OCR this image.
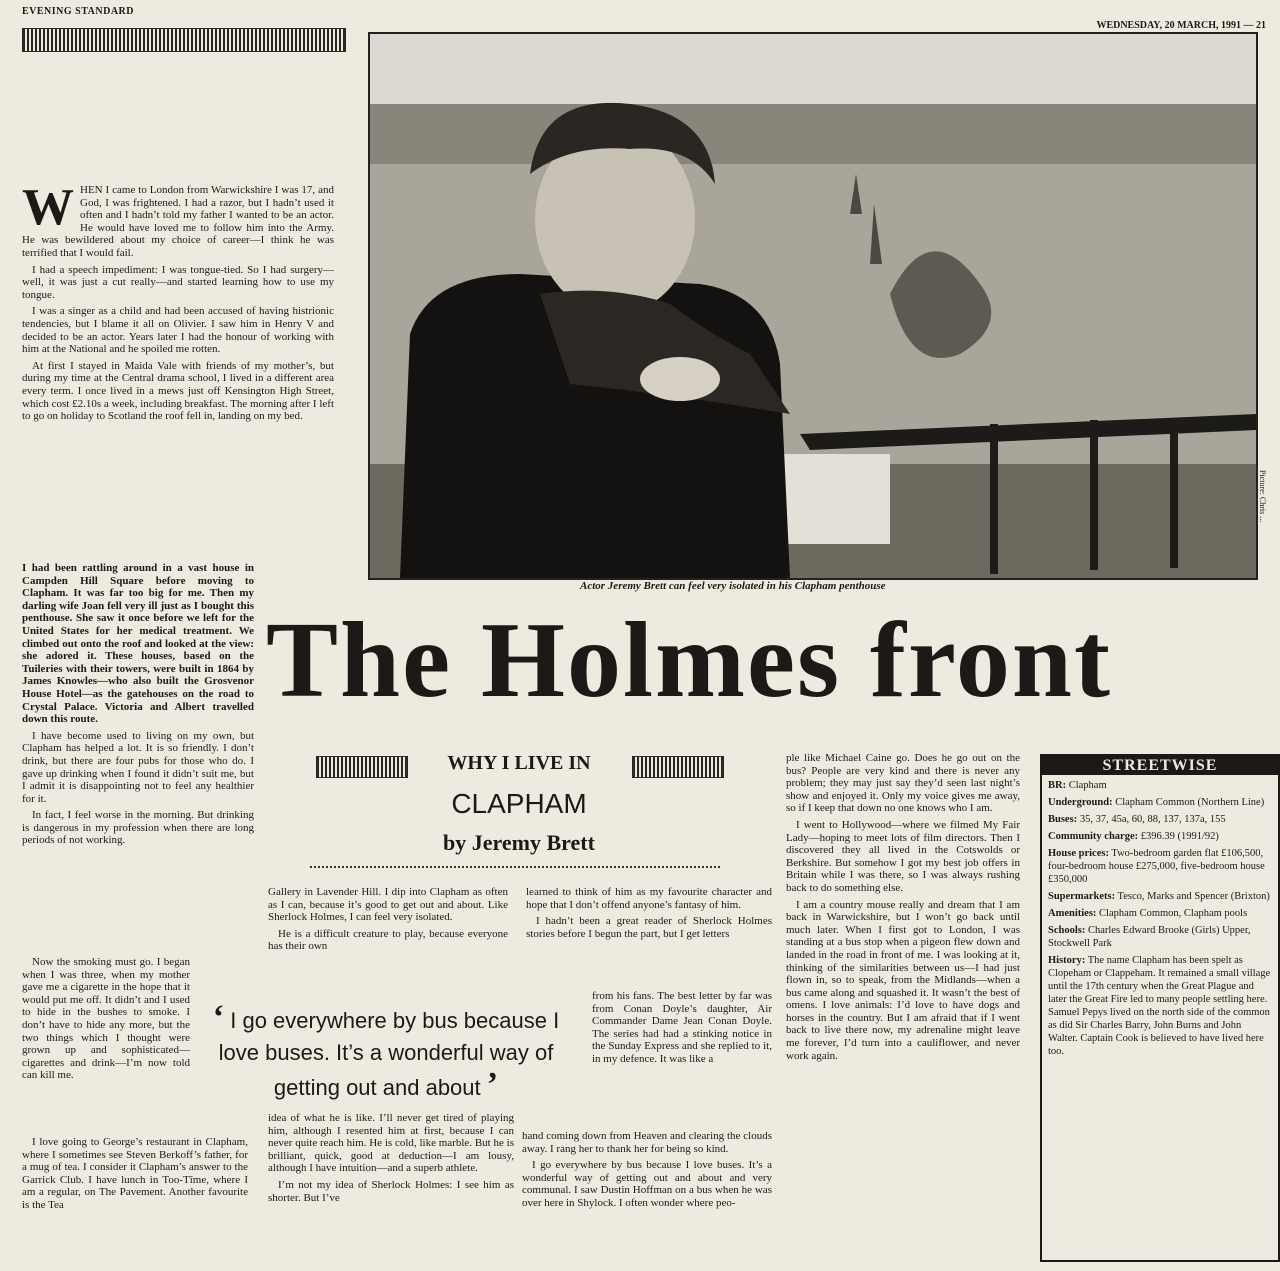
EVENING STANDARD
WEDNESDAY, 20 MARCH, 1991 — 21
Picture: Chris ...
Actor Jeremy Brett can feel very isolated in his Clapham penthouse

WHEN I came to London from Warwickshire I was 17, and God, I was frightened. I had a razor, but I hadn’t used it often and I hadn’t told my father I wanted to be an actor. He would have loved me to follow him into the Army. He was bewildered about my choice of career—I think he was terrified that I would fail.

I had a speech impediment: I was tongue-tied. So I had surgery—well, it was just a cut really—and started learning how to use my tongue.

I was a singer as a child and had been accused of having histrionic tendencies, but I blame it all on Olivier. I saw him in Henry V and decided to be an actor. Years later I had the honour of working with him at the National and he spoiled me rotten.

At first I stayed in Maida Vale with friends of my mother’s, but during my time at the Central drama school, I lived in a different area every term. I once lived in a mews just off Kensington High Street, which cost £2.10s a week, including breakfast. The morning after I left to go on holiday to Scotland the roof fell in, landing on my bed.

I had been rattling around in a vast house in Campden Hill Square before moving to Clapham. It was far too big for me. Then my darling wife Joan fell very ill just as I bought this penthouse. She saw it once before we left for the United States for her medical treatment. We climbed out onto the roof and looked at the view: she adored it. These houses, based on the Tuileries with their towers, were built in 1864 by James Knowles—who also built the Grosvenor House Hotel—as the gatehouses on the road to Crystal Palace. Victoria and Albert travelled down this route.

I have become used to living on my own, but Clapham has helped a lot. It is so friendly. I don’t drink, but there are four pubs for those who do. I gave up drinking when I found it didn’t suit me, but I admit it is disappointing not to feel any healthier for it.

In fact, I feel worse in the morning. But drinking is dangerous in my profession when there are long periods of not working.

Now the smoking must go. I began when I was three, when my mother gave me a cigarette in the hope that it would put me off. It didn’t and I used to hide in the bushes to smoke. I don’t have to hide any more, but the two things which I thought were grown up and sophisticated—cigarettes and drink—I’m now told can kill me.

I love going to George’s restaurant in Clapham, where I sometimes see Steven Berkoff’s father, for a mug of tea. I consider it Clapham’s answer to the Garrick Club. I have lunch in Too-Tîme, where I am a regular, on The Pavement. Another favourite is the Tea

The Holmes front
WHY I LIVE IN
CLAPHAM
by Jeremy Brett

Gallery in Lavender Hill. I dip into Clapham as often as I can, because it’s good to get out and about. Like Sherlock Holmes, I can feel very isolated.

He is a difficult creature to play, because everyone has their own

idea of what he is like. I’ll never get tired of playing him, although I resented him at first, because I can never quite reach him. He is cold, like marble. But he is brilliant, quick, good at deduction—I am lousy, although I have intuition—and a superb athlete.

I’m not my idea of Sherlock Holmes: I see him as shorter. But I’ve

learned to think of him as my favourite character and hope that I don’t offend anyone’s fantasy of him.

I hadn’t been a great reader of Sherlock Holmes stories before I begun the part, but I get letters

from his fans. The best letter by far was from Conan Doyle’s daughter, Air Commander Dame Jean Conan Doyle. The series had had a stinking notice in the Sunday Express and she replied to it, in my defence. It was like a

hand coming down from Heaven and clearing the clouds away. I rang her to thank her for being so kind.

I go everywhere by bus because I love buses. It’s a wonderful way of getting out and about and very communal. I saw Dustin Hoffman on a bus when he was over here in Shylock. I often wonder where peo-

ple like Michael Caine go. Does he go out on the bus? People are very kind and there is never any problem; they may just say they’d seen last night’s show and enjoyed it. Only my voice gives me away, so if I keep that down no one knows who I am.

I went to Hollywood—where we filmed My Fair Lady—hoping to meet lots of film directors. Then I discovered they all lived in the Cotswolds or Berkshire. But somehow I got my best job offers in Britain while I was there, so I was always rushing back to do something else.

I am a country mouse really and dream that I am back in Warwickshire, but I won’t go back until much later. When I first got to London, I was standing at a bus stop when a pigeon flew down and landed in the road in front of me. I was looking at it, thinking of the similarities between us—I had just flown in, so to speak, from the Midlands—when a bus came along and squashed it. It wasn’t the best of omens. I love animals: I’d love to have dogs and horses in the country. But I am afraid that if I went back to live there now, my adrenaline might leave me forever, I’d turn into a cauliflower, and never work again.

‘ I go everywhere by bus because I love buses. It’s a wonderful way of getting out and about ’
STREETWISE
BR: Clapham
Underground: Clapham Common (Northern Line)
Buses: 35, 37, 45a, 60, 88, 137, 137a, 155
Community charge: £396.39 (1991/92)
House prices: Two-bedroom garden flat £106,500, four-bedroom house £275,000, five-bedroom house £350,000
Supermarkets: Tesco, Marks and Spencer (Brixton)
Amenities: Clapham Common, Clapham pools
Schools: Charles Edward Brooke (Girls) Upper, Stockwell Park
History: The name Clapham has been spelt as Clopeham or Clappeham. It remained a small village until the 17th century when the Great Plague and later the Great Fire led to many people settling here. Samuel Pepys lived on the north side of the common as did Sir Charles Barry, John Burns and John Walter. Captain Cook is believed to have lived here too.
